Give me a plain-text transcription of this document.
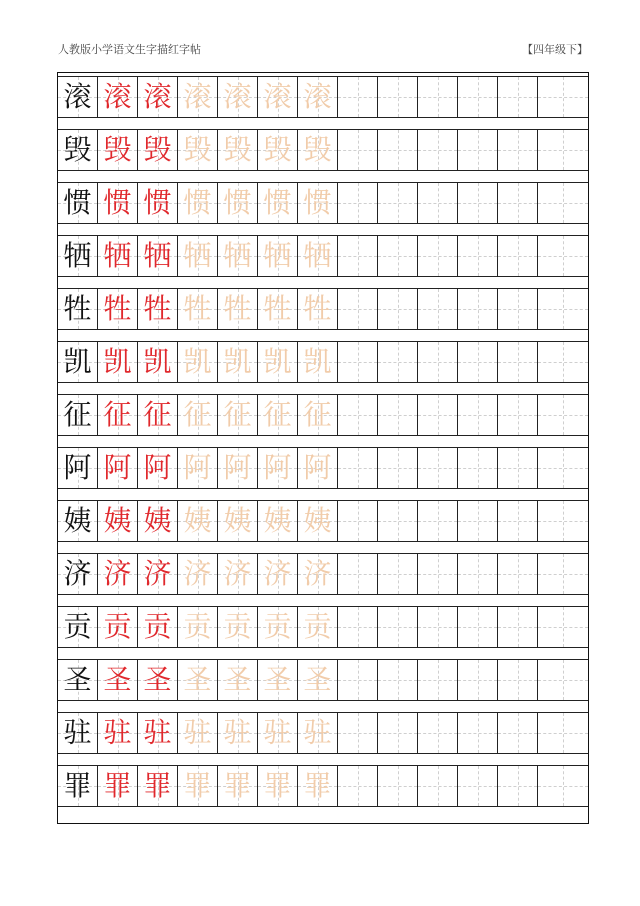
人教版小学语文生字描红字帖	【四年级下】
滚 滚 滚 滚 滚 滚 滚
毁 毁 毁 毁 毁 毁 毁
惯 惯 惯 惯 惯 惯 惯
牺 牺 牺 牺 牺 牺 牺
牲 牲 牲 牲 牲 牲 牲
凯 凯 凯 凯 凯 凯 凯
征 征 征 征 征 征 征
阿 阿 阿 阿 阿 阿 阿
姨 姨 姨 姨 姨 姨 姨
济 济 济 济 济 济 济
贡 贡 贡 贡 贡 贡 贡
圣 圣 圣 圣 圣 圣 圣
驻 驻 驻 驻 驻 驻 驻
罪 罪 罪 罪 罪 罪 罪
